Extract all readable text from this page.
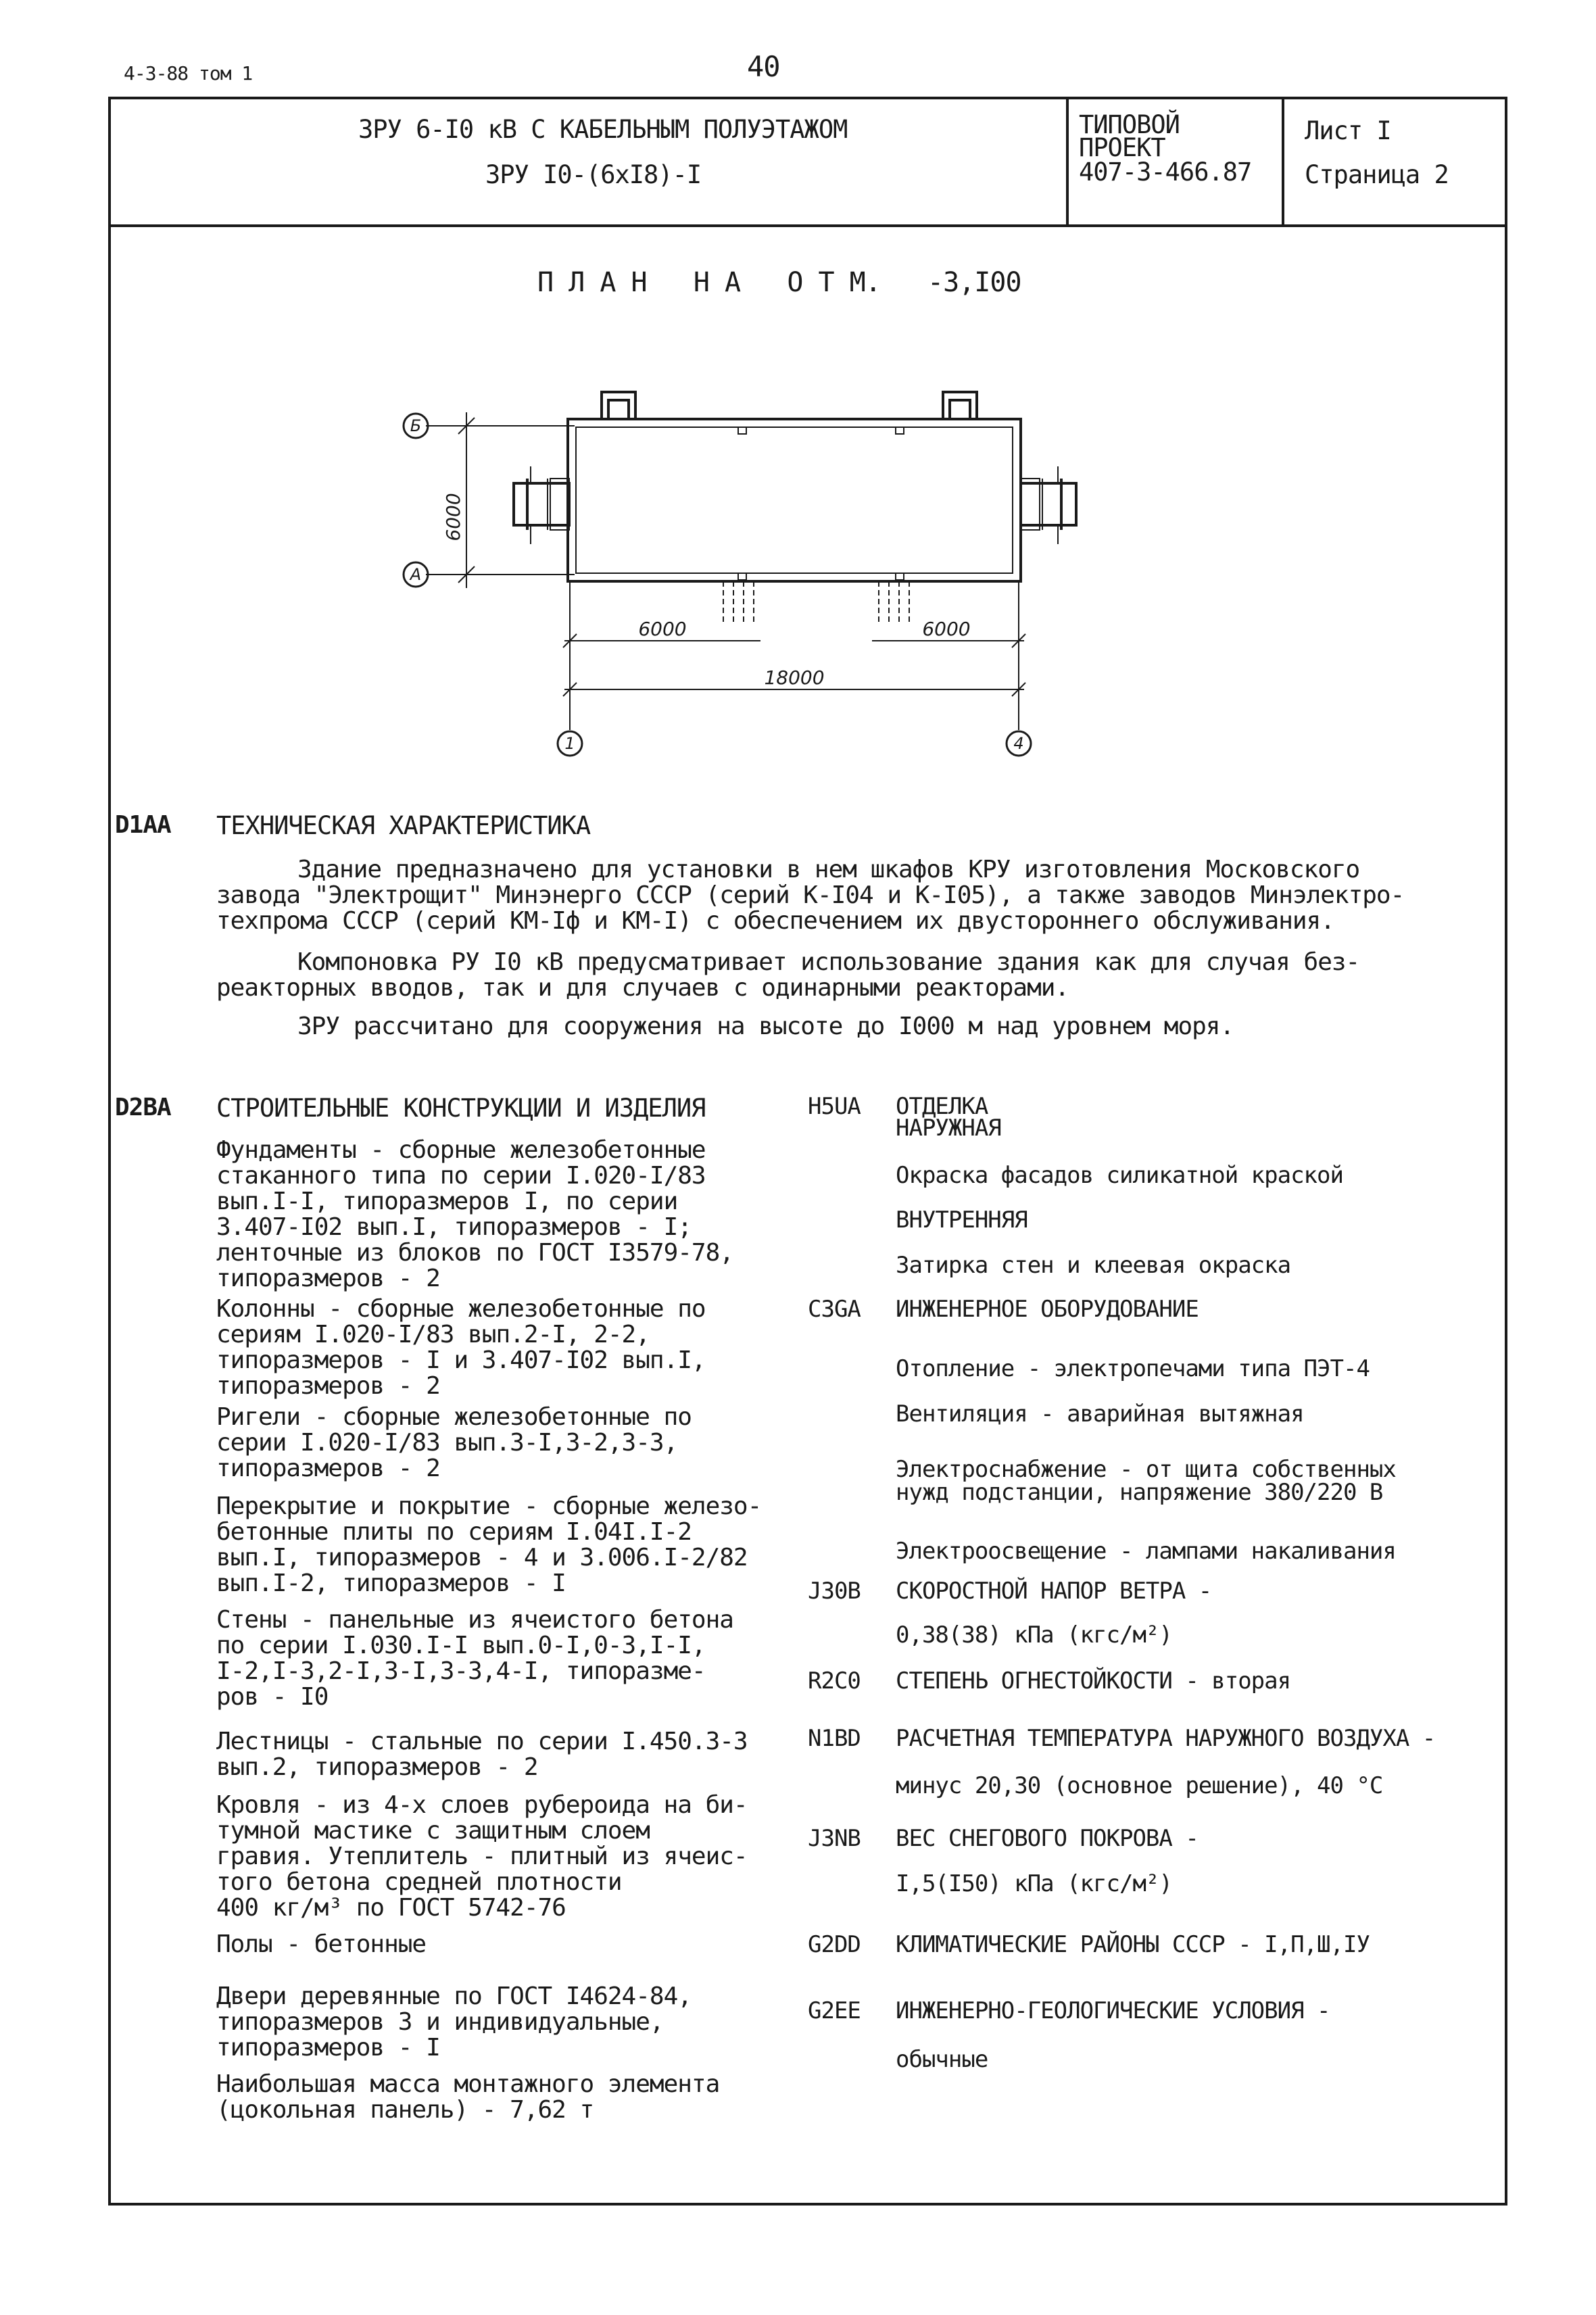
4-3-88 том 1	40
ЗРУ 6-I0 кВ С КАБЕЛЬНЫМ ПОЛУЭТАЖОМ
ЗРУ I0-(6хI8)-I
ТИПОВОЙ
ПРОЕКТ
407-3-466.87
Лист I
Страница 2
П Л А Н   Н А   О Т М.   -3,I00
Б
А
1	4
6000
6000	6000
18000
D1AA ТЕХНИЧЕСКАЯ ХАРАКТЕРИСТИКА
Здание предназначено для установки в нем шкафов КРУ изготовления Московского
завода "Электрощит" Минэнерго СССР (серий К-I04 и К-I05), а также заводов Минэлектро-
техпрома СССР (серий КМ-Iф и КМ-I) с обеспечением их двустороннего обслуживания.
Компоновка РУ I0 кВ предусматривает использование здания как для случая без-
реакторных вводов, так и для случаев с одинарными реакторами.
ЗРУ рассчитано для сооружения на высоте до I000 м над уровнем моря.
D2BA СТРОИТЕЛЬНЫЕ КОНСТРУКЦИИ И ИЗДЕЛИЯ
Фундаменты - сборные железобетонные
стаканного типа по серии I.020-I/83
вып.I-I, типоразмеров I, по серии
3.407-I02 вып.I, типоразмеров - I;
ленточные из блоков по ГОСТ I3579-78,
типоразмеров - 2
Колонны - сборные железобетонные по
сериям I.020-I/83 вып.2-I, 2-2,
типоразмеров - I и 3.407-I02 вып.I,
типоразмеров - 2
Ригели - сборные железобетонные по
серии I.020-I/83 вып.3-I,3-2,3-3,
типоразмеров - 2
Перекрытие и покрытие - сборные железо-
бетонные плиты по сериям I.04I.I-2
вып.I, типоразмеров - 4 и 3.006.I-2/82
вып.I-2, типоразмеров - I
Стены - панельные из ячеистого бетона
по серии I.030.I-I вып.0-I,0-3,I-I,
I-2,I-3,2-I,3-I,3-3,4-I, типоразме-
ров - I0
Лестницы - стальные по серии I.450.3-3
вып.2, типоразмеров - 2
Кровля - из 4-х слоев рубероида на би-
тумной мастике с защитным слоем
гравия. Утеплитель - плитный из ячеис-
того бетона средней плотности
400 кг/м³ по ГОСТ 5742-76
Полы - бетонные
Двери деревянные по ГОСТ I4624-84,
типоразмеров 3 и индивидуальные,
типоразмеров - I
Наибольшая масса монтажного элемента
(цокольная панель) - 7,62 т
H5UA ОТДЕЛКА
НАРУЖНАЯ
Окраска фасадов силикатной краской
ВНУТРЕННЯЯ
Затирка стен и клеевая окраска
C3GA ИНЖЕНЕРНОЕ ОБОРУДОВАНИЕ
Отопление - электропечами типа ПЭТ-4
Вентиляция - аварийная вытяжная
Электроснабжение - от щита собственных
нужд подстанции, напряжение 380/220 В
Электроосвещение - лампами накаливания
J30B СКОРОСТНОЙ НАПОР ВЕТРА -
0,38(38) кПа (кгс/м²)
R2C0 СТЕПЕНЬ ОГНЕСТОЙКОСТИ - вторая
N1BD РАСЧЕТНАЯ ТЕМПЕРАТУРА НАРУЖНОГО ВОЗДУХА -
минус 20,30 (основное решение), 40 °С
J3NB ВЕС СНЕГОВОГО ПОКРОВА -
I,5(I50) кПа (кгс/м²)
G2DD КЛИМАТИЧЕСКИЕ РАЙОНЫ СССР - I,П,Ш,IУ
G2EE ИНЖЕНЕРНО-ГЕОЛОГИЧЕСКИЕ УСЛОВИЯ -
обычные
